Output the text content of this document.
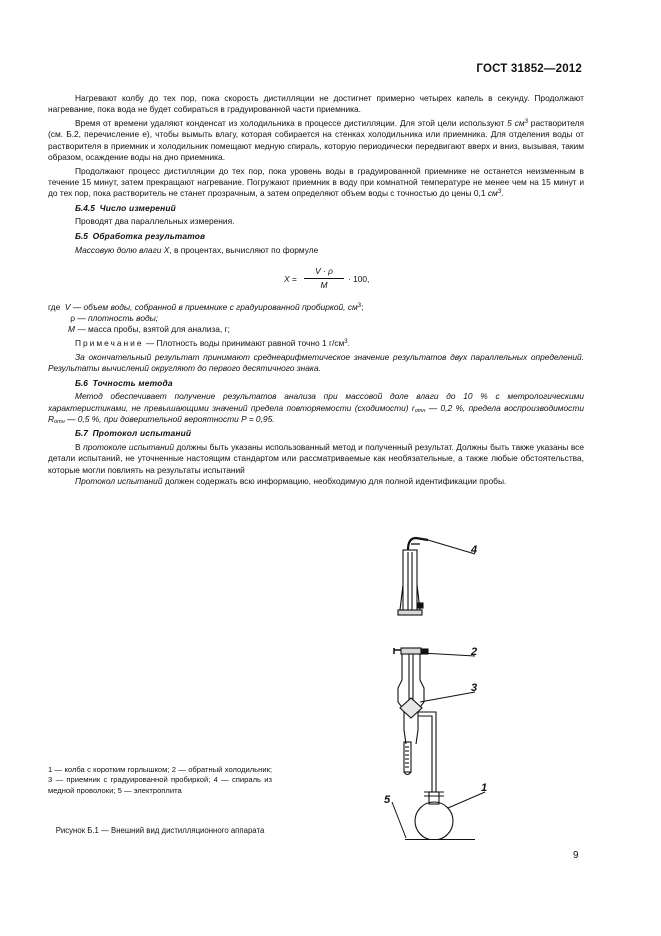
ГОСТ 31852—2012

Нагревают колбу до тех пор, пока скорость дистилляции не достигнет примерно четырех капель в секунду. Продолжают нагревание, пока вода не будет собираться в градуированной части приемника.

Время от времени удаляют конденсат из холодильника в процессе дистилляции. Для этой цели используют 5 $см^3$ растворителя (см. Б.2, перечисление е), чтобы вымыть влагу, которая собирается на стенках холодильника или приемника. Для отделения воды от растворителя в приемник и холодильник помещают медную спираль, которую периодически передвигают вверх и вниз, вызывая, таким образом, осаждение воды на дно приемника.

Продолжают процесс дистилляции до тех пор, пока уровень воды в градуированной приемнике не останется неизменным в течение 15 минут, затем прекращают нагревание. Погружают приемник в воду при комнатной температуре не менее чем на 15 минут и до тех пор, пока растворитель не станет прозрачным, а затем определяют объем воды с точностью до цены 0,1 $см^3$.

Б.4.5 Число измерений

Проводят два параллельных измерения.

Б.5 Обработка результатов

Массовую долю влаги X, в процентах, вычисляют по формуле

$X = \frac{V \cdot \rho}{M} \cdot 100$,

где V — объем воды, собранной в приемнике с градуированной пробиркой, $см^3$;

ρ — плотность воды;

M — масса пробы, взятой для анализа, г;

Примечание — Плотность воды принимают равной точно 1 $г/см^3$.

За окончательный результат принимают среднеарифметическое значение результатов двух параллельных определений. Результаты вычислений округляют до первого десятичного знака.

Б.6 Точность метода

Метод обеспечивает получение результатов анализа при массовой доле влаги до 10 % с метрологическими характеристиками, не превышающими значений предела повторяемости (сходимости) $r_{отн}$ — 0,2 %, предела воспроизводимости $R_{отн}$ — 0,5 %, при доверительной вероятности P = 0,95.

Б.7 Протокол испытаний

В протоколе испытаний должны быть указаны использованный метод и полученный результат. Должны быть также указаны все детали испытаний, не уточненные настоящим стандартом или рассматриваемые как необязательные, а также любые обстоятельства, которые могли повлиять на результаты испытаний

Протокол испытаний должен содержать всю информацию, необходимую для полной идентификации пробы.

4
2
3
1
5

1 — колба с коротким горлышком; 2 — обратный холодильник; 3 — приемник с градуированной пробиркой; 4 — спираль из медной проволоки; 5 — электроплита

Рисунок Б.1 — Внешний вид дистилляционного аппарата

9
